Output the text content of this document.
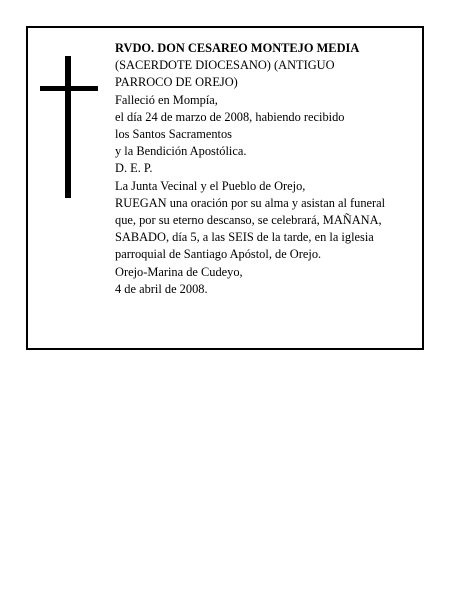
RVDO. DON CESAREO MONTEJO MEDIA
(SACERDOTE DIOCESANO) (ANTIGUO
PARROCO DE OREJO)
Falleció en Mompía,
el día 24 de marzo de 2008, habiendo recibido
los Santos Sacramentos
y la Bendición Apostólica.
D. E. P.
La Junta Vecinal y el Pueblo de Orejo,
RUEGAN una oración por su alma y asistan al funeral
que, por su eterno descanso, se celebrará, MAÑANA,
SABADO, día 5, a las SEIS de la tarde, en la iglesia
parroquial de Santiago Apóstol, de Orejo.
Orejo-Marina de Cudeyo,
4 de abril de 2008.
